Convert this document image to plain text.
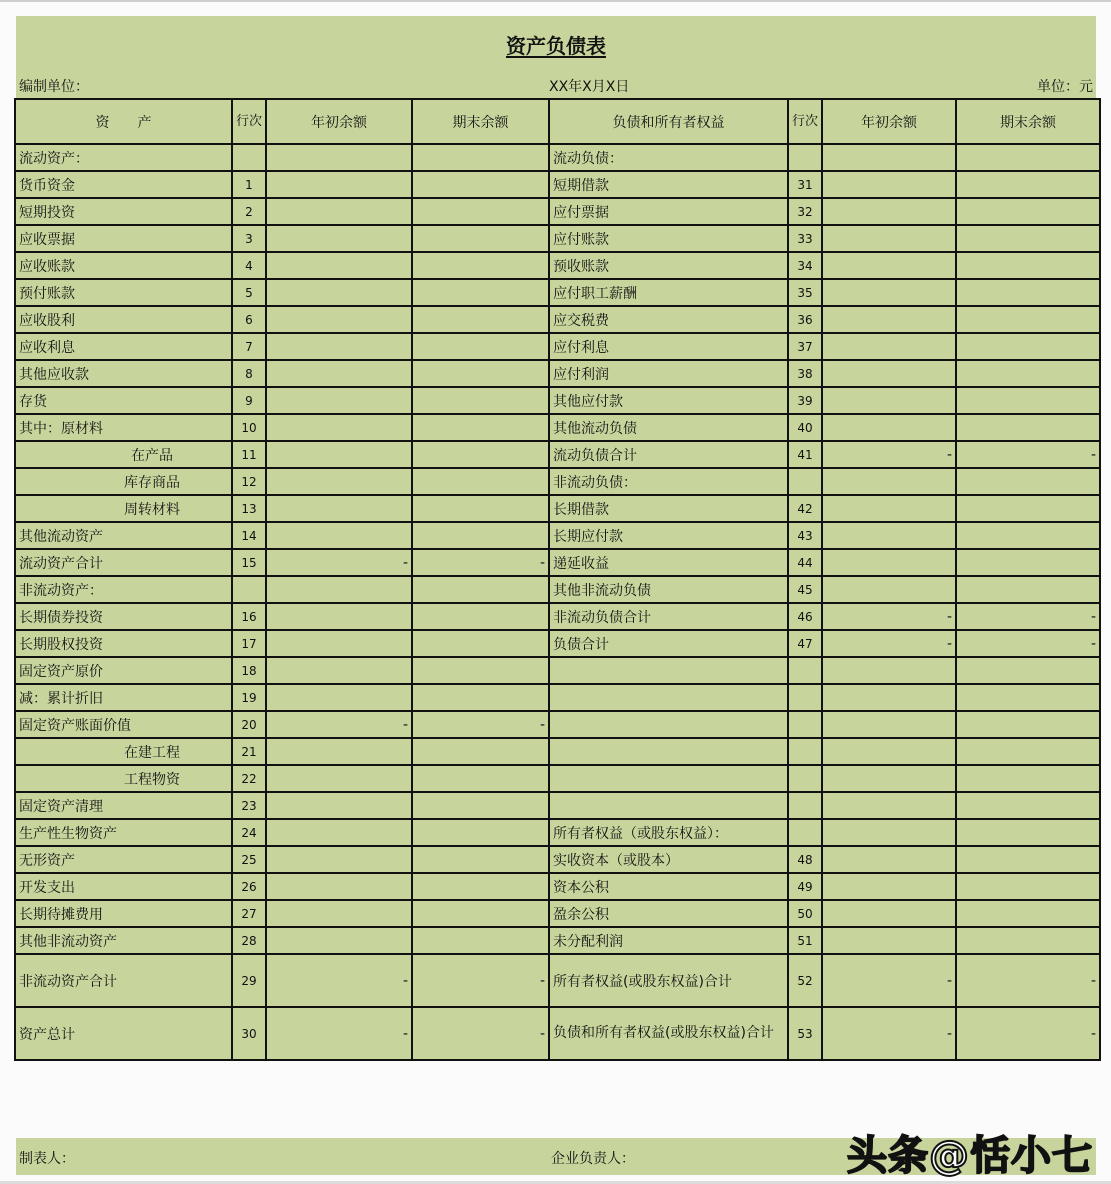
资产负债表
编制单位：	XX年X月X日	单位：元
资　　产	行次	年初余额	期末余额	负债和所有者权益	行次	年初余额	期末余额
流动资产：				流动负债：			
货币资金	1			短期借款	31		
短期投资	2			应付票据	32		
应收票据	3			应付账款	33		
应收账款	4			预收账款	34		
预付账款	5			应付职工薪酬	35		
应收股利	6			应交税费	36		
应收利息	7			应付利息	37		
其他应收款	8			应付利润	38		
存货	9			其他应付款	39		
其中：原材料	10			其他流动负债	40		
在产品	11			流动负债合计	41	-	-
库存商品	12			非流动负债：			
周转材料	13			长期借款	42		
其他流动资产	14			长期应付款	43		
流动资产合计	15	-	-	递延收益	44		
非流动资产：				其他非流动负债	45		
长期债券投资	16			非流动负债合计	46	-	-
长期股权投资	17			负债合计	47	-	-
固定资产原价	18						
减：累计折旧	19						
固定资产账面价值	20	-	-				
在建工程	21						
工程物资	22						
固定资产清理	23						
生产性生物资产	24			所有者权益（或股东权益）：			
无形资产	25			实收资本（或股本）	48		
开发支出	26			资本公积	49		
长期待摊费用	27			盈余公积	50		
其他非流动资产	28			未分配利润	51		
非流动资产合计	29	-	-	所有者权益(或股东权益)合计	52	-	-
资产总计	30	-	-	负债和所有者权益(或股东权益)合计	53	-	-
制表人：	企业负责人：	头条@恬小七
